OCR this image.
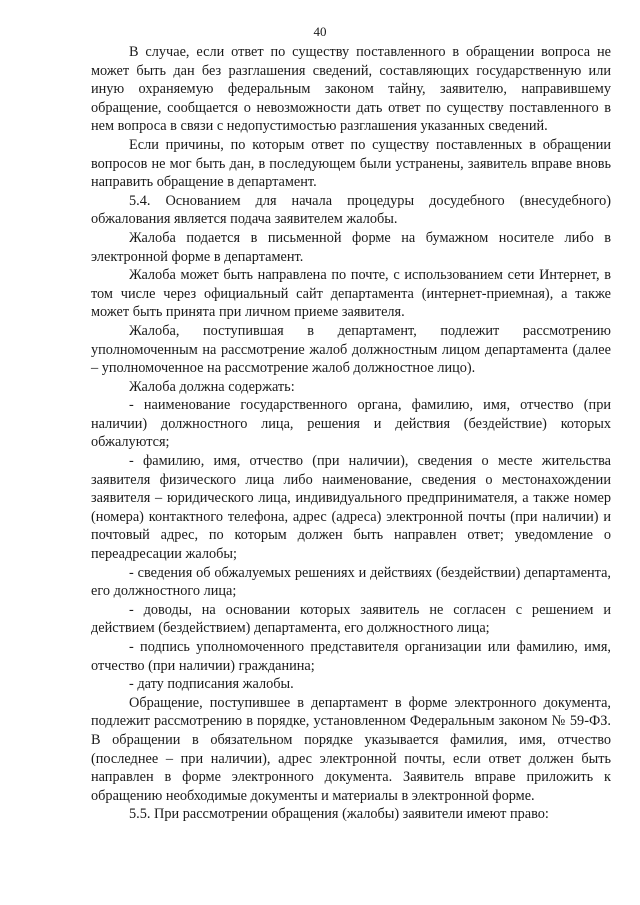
40

В случае, если ответ по существу поставленного в обращении вопроса не может быть дан без разглашения сведений, составляющих государственную или иную охраняемую федеральным законом тайну, заявителю, направившему обращение, сообщается о невозможности дать ответ по существу поставленного в нем вопроса в связи с недопустимостью разглашения указанных сведений.

Если причины, по которым ответ по существу поставленных в обращении вопросов не мог быть дан, в последующем были устранены, заявитель вправе вновь направить обращение в департамент.

5.4. Основанием для начала процедуры досудебного (внесудебного) обжалования является подача заявителем жалобы.

Жалоба подается в письменной форме на бумажном носителе либо в электронной форме в департамент.

Жалоба может быть направлена по почте, с использованием сети Интернет, в том числе через официальный сайт департамента (интернет-приемная), а также может быть принята при личном приеме заявителя.

Жалоба, поступившая в департамент, подлежит рассмотрению уполномоченным на рассмотрение жалоб должностным лицом департамента (далее – уполномоченное на рассмотрение жалоб должностное лицо).

Жалоба должна содержать:

- наименование государственного органа, фамилию, имя, отчество (при наличии) должностного лица, решения и действия (бездействие) которых обжалуются;

- фамилию, имя, отчество (при наличии), сведения о месте жительства заявителя физического лица либо наименование, сведения о местонахождении заявителя – юридического лица, индивидуального предпринимателя, а также номер (номера) контактного телефона, адрес (адреса) электронной почты (при наличии) и почтовый адрес, по которым должен быть направлен ответ; уведомление о переадресации жалобы;

- сведения об обжалуемых решениях и действиях (бездействии) департамента, его должностного лица;

- доводы, на основании которых заявитель не согласен с решением и действием (бездействием) департамента, его должностного лица;

- подпись уполномоченного представителя организации или фамилию, имя, отчество (при наличии) гражданина;

- дату подписания жалобы.

Обращение, поступившее в департамент в форме электронного документа, подлежит рассмотрению в порядке, установленном Федеральным законом № 59-ФЗ. В обращении в обязательном порядке указывается фамилия, имя, отчество (последнее – при наличии), адрес электронной почты, если ответ должен быть направлен в форме электронного документа. Заявитель вправе приложить к обращению необходимые документы и материалы в электронной форме.

5.5. При рассмотрении обращения (жалобы) заявители имеют право:
